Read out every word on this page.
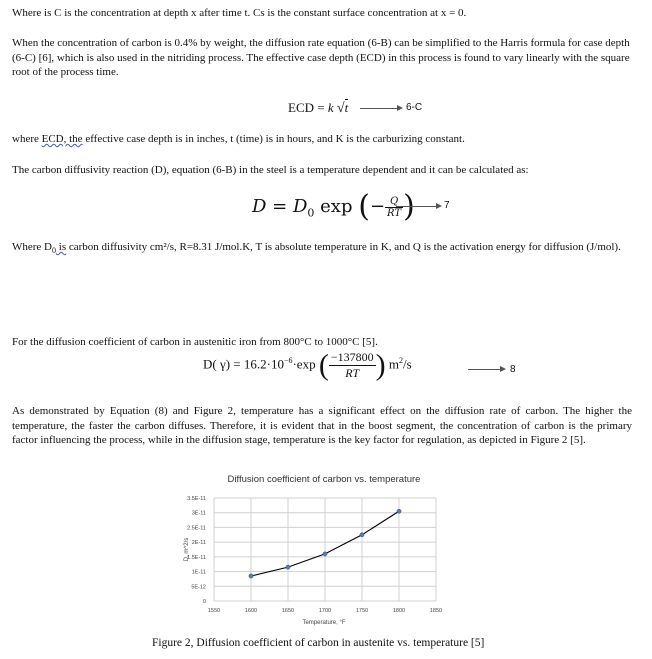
Where is C is the concentration at depth x after time t. Cs is the constant surface concentration at x = 0.
When the concentration of carbon is 0.4% by weight, the diffusion rate equation (6-B) can be simplified to the Harris formula for case depth (6-C) [6], which is also used in the nitriding process. The effective case depth (ECD) in this process is found to vary linearly with the square root of the process time.
ECD = k √t	6-C
where ECD, the effective case depth is in inches, t (time) is in hours, and K is the carburizing constant.
The carbon diffusivity reaction (D), equation (6-B) in the steel is a temperature dependent and it can be calculated as:
$D = D_0$ exp (− $\frac{Q}{RT}$	7
Where $D_0$ is carbon diffusivity cm²/s, R=8.31 J/mol.K, T is absolute temperature in K, and Q is the activation energy for diffusion (J/mol).
For the diffusion coefficient of carbon in austenitic iron from 800°C to 1000°C [5].
D( $\gamma) = 16.2\cdot 10^{-6}\cdot\exp$ ( $\frac{-137800}{RT}$ ) $m^2/s$	8
As demonstrated by Equation (8) and Figure 2, temperature has a significant effect on the diffusion rate of carbon. The higher the temperature, the faster the carbon diffuses. Therefore, it is evident that in the boost segment, the concentration of carbon is the primary factor influencing the process, while in the diffusion stage, temperature is the key factor for regulation, as depicted in Figure 2 [5].
Diffusion coefficient of carbon vs. temperature
0
5E-12
1E-11
1.5E-11
2E-11
2.5E-11
3E-11
3.5E-11
1550	1600	1650	1700	1750	1800	1850
Temperature, °F
D, m^2/s
Figure 2, Diffusion coefficient of carbon in austenite vs. temperature [5]
